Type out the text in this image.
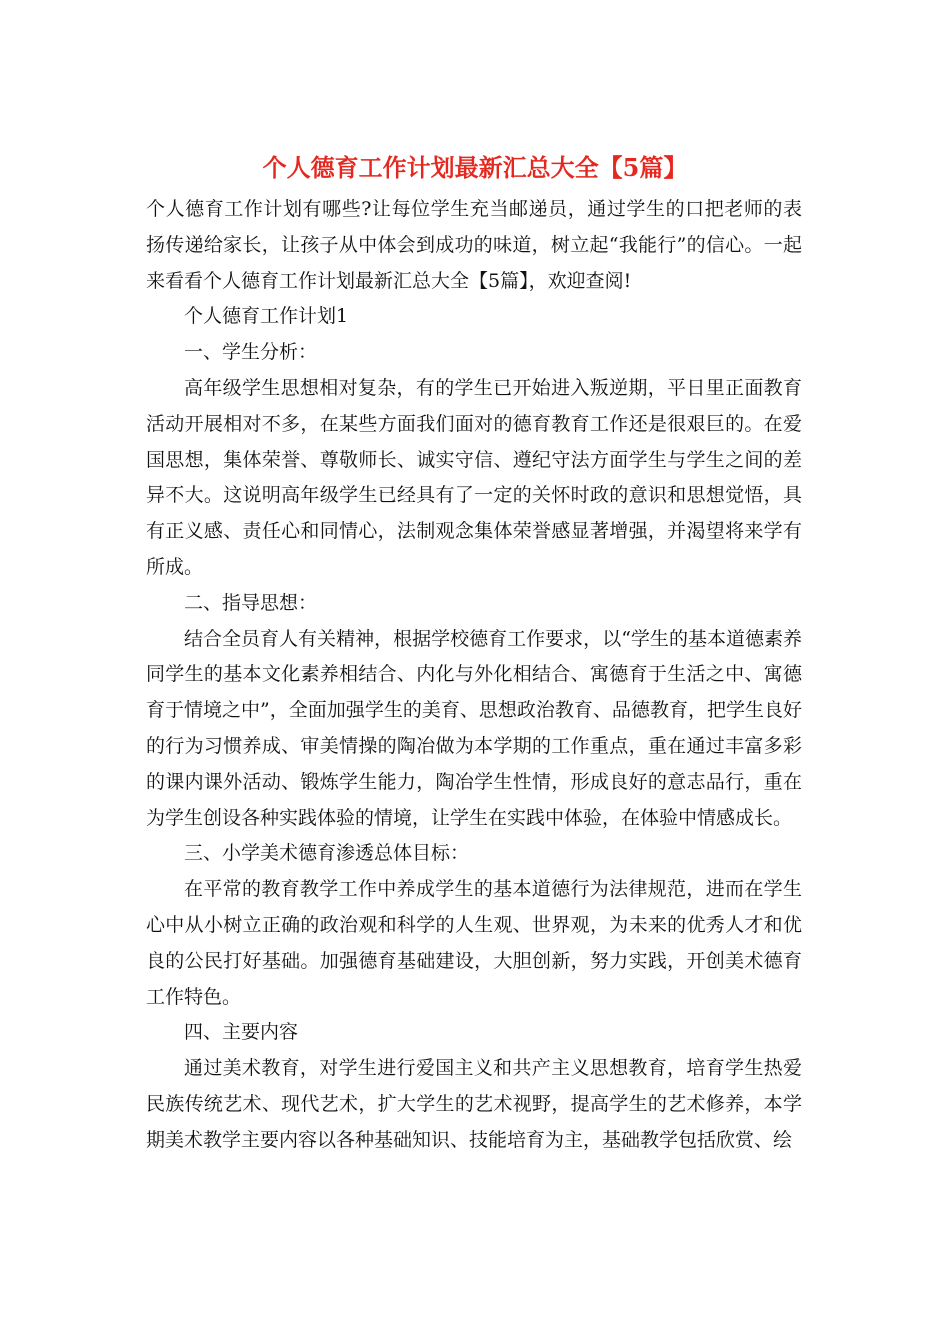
个人德育工作计划最新汇总大全【5篇】

个人德育工作计划有哪些?让每位学生充当邮递员，通过学生的口把老师的表扬传递给家长，让孩子从中体会到成功的味道，树立起“我能行”的信心。一起来看看个人德育工作计划最新汇总大全【5篇】，欢迎查阅!

个人德育工作计划1

一、学生分析：

高年级学生思想相对复杂，有的学生已开始进入叛逆期，平日里正面教育活动开展相对不多，在某些方面我们面对的德育教育工作还是很艰巨的。在爱国思想，集体荣誉、尊敬师长、诚实守信、遵纪守法方面学生与学生之间的差异不大。这说明高年级学生已经具有了一定的关怀时政的意识和思想觉悟，具有正义感、责任心和同情心，法制观念集体荣誉感显著增强，并渴望将来学有所成。

二、指导思想：

结合全员育人有关精神，根据学校德育工作要求，以“学生的基本道德素养同学生的基本文化素养相结合、内化与外化相结合、寓德育于生活之中、寓德育于情境之中”，全面加强学生的美育、思想政治教育、品德教育，把学生良好的行为习惯养成、审美情操的陶冶做为本学期的工作重点，重在通过丰富多彩的课内课外活动、锻炼学生能力，陶冶学生性情，形成良好的意志品行，重在为学生创设各种实践体验的情境，让学生在实践中体验，在体验中情感成长。

三、小学美术德育渗透总体目标：

在平常的教育教学工作中养成学生的基本道德行为法律规范，进而在学生心中从小树立正确的政治观和科学的人生观、世界观，为未来的优秀人才和优良的公民打好基础。加强德育基础建设，大胆创新，努力实践，开创美术德育工作特色。

四、主要内容

通过美术教育，对学生进行爱国主义和共产主义思想教育，培育学生热爱民族传统艺术、现代艺术，扩大学生的艺术视野，提高学生的艺术修养，本学期美术教学主要内容以各种基础知识、技能培育为主，基础教学包括欣赏、绘
